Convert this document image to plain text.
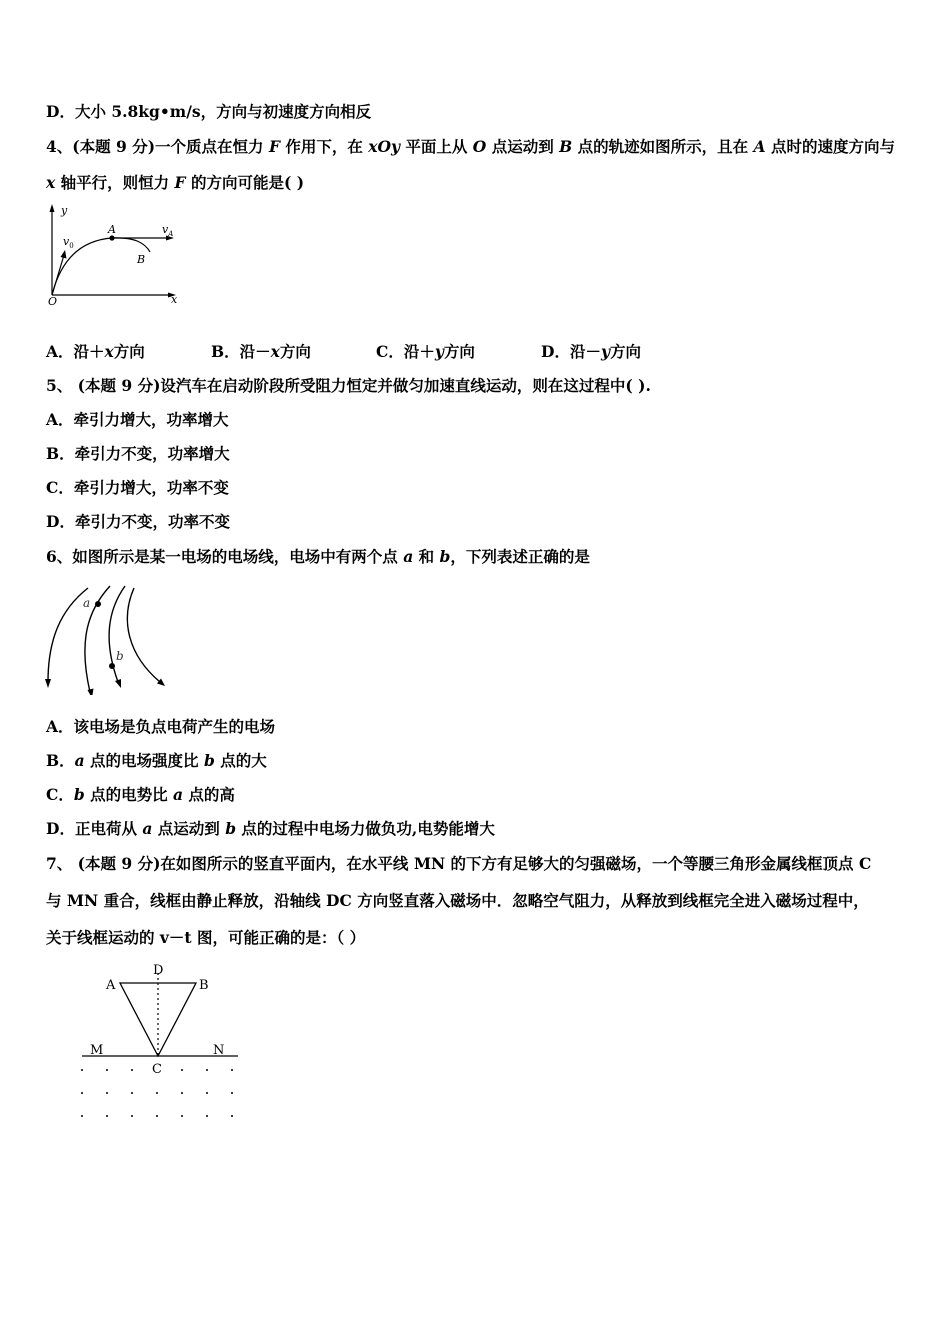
D．大小 5.8kg•m/s，方向与初速度方向相反
4、(本题 9 分)一个质点在恒力 F 作用下，在 xOy 平面上从 O 点运动到 B 点的轨迹如图所示，且在 A 点时的速度方向与
x 轴平行，则恒力 F 的方向可能是( )
y
x
O
A
B
$v_0$
$v_A$
A．沿＋x方向	B．沿－x方向	C．沿＋y方向	D．沿－y方向
5、 (本题 9 分)设汽车在启动阶段所受阻力恒定并做匀加速直线运动，则在这过程中( ).
A．牵引力增大，功率增大
B．牵引力不变，功率增大
C．牵引力增大，功率不变
D．牵引力不变，功率不变
6、如图所示是某一电场的电场线，电场中有两个点 a 和 b，下列表述正确的是
a
b
A．该电场是负点电荷产生的电场
B．a 点的电场强度比 b 点的大
C．b 点的电势比 a 点的高
D．正电荷从 a 点运动到 b 点的过程中电场力做负功,电势能增大
7、 (本题 9 分)在如图所示的竖直平面内，在水平线 MN 的下方有足够大的匀强磁场，一个等腰三角形金属线框顶点 C
与 MN 重合，线框由静止释放，沿轴线 DC 方向竖直落入磁场中．忽略空气阻力，从释放到线框完全进入磁场过程中，
关于线框运动的 v－t 图，可能正确的是：（ ）
A
D
B
M	N
C
